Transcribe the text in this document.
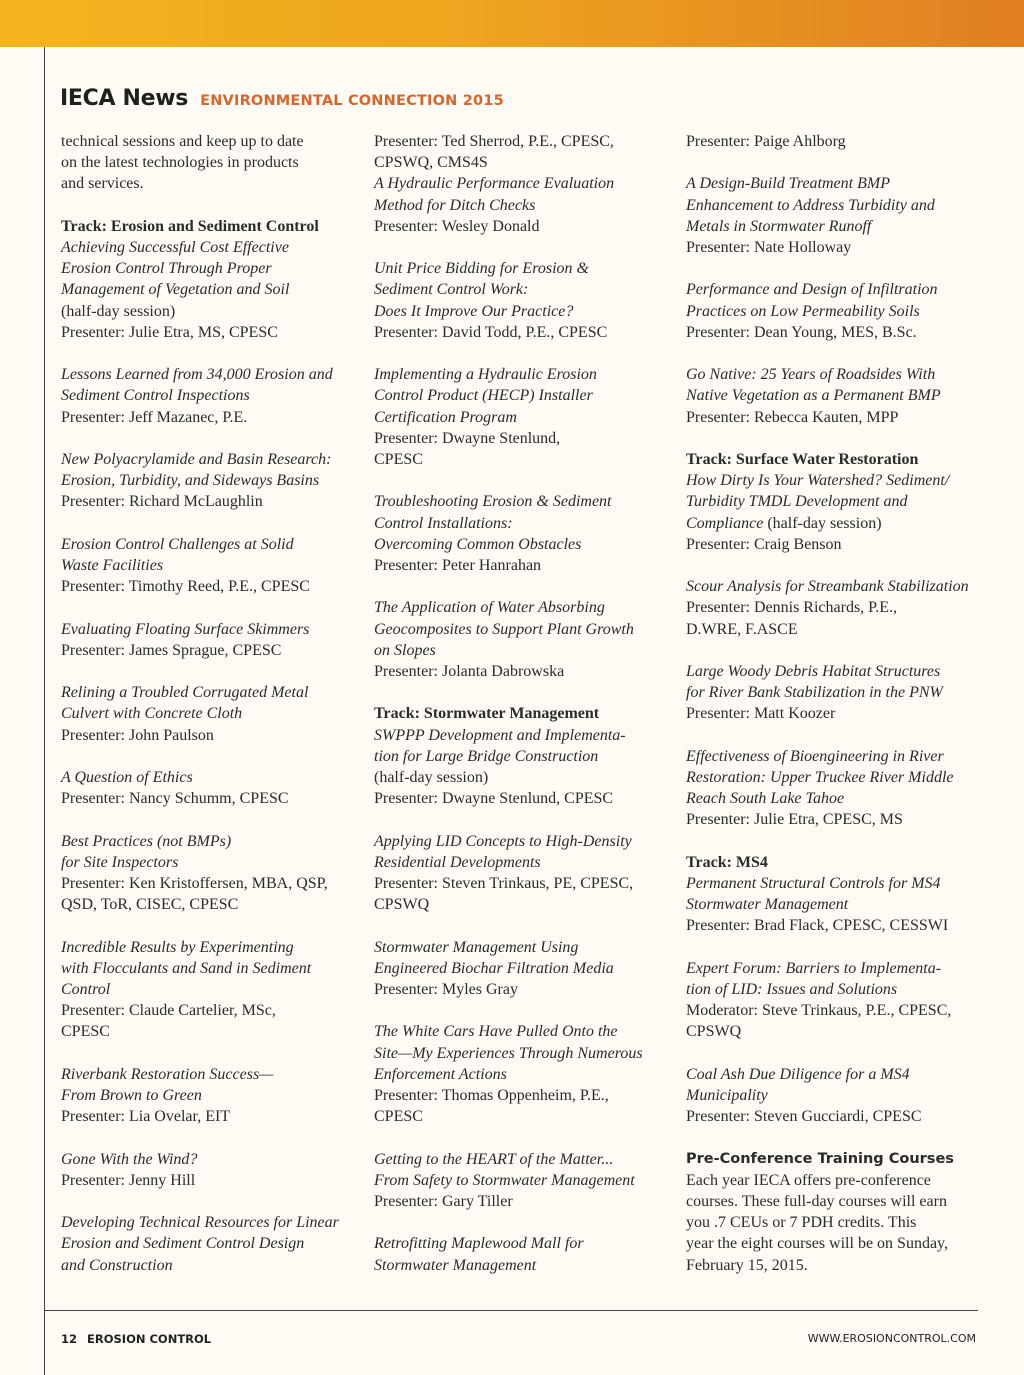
IECA News ENVIRONMENTAL CONNECTION 2015
technical sessions and keep up to date
on the latest technologies in products
and services.
Track: Erosion and Sediment Control
Achieving Successful Cost Effective
Erosion Control Through Proper
Management of Vegetation and Soil
(half-day session)
Presenter: Julie Etra, MS, CPESC
Lessons Learned from 34,000 Erosion and
Sediment Control Inspections
Presenter: Jeff Mazanec, P.E.
New Polyacrylamide and Basin Research:
Erosion, Turbidity, and Sideways Basins
Presenter: Richard McLaughlin
Erosion Control Challenges at Solid
Waste Facilities
Presenter: Timothy Reed, P.E., CPESC
Evaluating Floating Surface Skimmers
Presenter: James Sprague, CPESC
Relining a Troubled Corrugated Metal
Culvert with Concrete Cloth
Presenter: John Paulson
A Question of Ethics
Presenter: Nancy Schumm, CPESC
Best Practices (not BMPs)
for Site Inspectors
Presenter: Ken Kristoffersen, MBA, QSP,
QSD, ToR, CISEC, CPESC
Incredible Results by Experimenting
with Flocculants and Sand in Sediment
Control
Presenter: Claude Cartelier, MSc,
CPESC
Riverbank Restoration Success—
From Brown to Green
Presenter: Lia Ovelar, EIT
Gone With the Wind?
Presenter: Jenny Hill
Developing Technical Resources for Linear
Erosion and Sediment Control Design
and Construction
Presenter: Ted Sherrod, P.E., CPESC,
CPSWQ, CMS4S
A Hydraulic Performance Evaluation
Method for Ditch Checks
Presenter: Wesley Donald
Unit Price Bidding for Erosion &
Sediment Control Work:
Does It Improve Our Practice?
Presenter: David Todd, P.E., CPESC
Implementing a Hydraulic Erosion
Control Product (HECP) Installer
Certification Program
Presenter: Dwayne Stenlund,
CPESC
Troubleshooting Erosion & Sediment
Control Installations:
Overcoming Common Obstacles
Presenter: Peter Hanrahan
The Application of Water Absorbing
Geocomposites to Support Plant Growth
on Slopes
Presenter: Jolanta Dabrowska
Track: Stormwater Management
SWPPP Development and Implementa-
tion for Large Bridge Construction
(half-day session)
Presenter: Dwayne Stenlund, CPESC
Applying LID Concepts to High-Density
Residential Developments
Presenter: Steven Trinkaus, PE, CPESC,
CPSWQ
Stormwater Management Using
Engineered Biochar Filtration Media
Presenter: Myles Gray
The White Cars Have Pulled Onto the
Site—My Experiences Through Numerous
Enforcement Actions
Presenter: Thomas Oppenheim, P.E.,
CPESC
Getting to the HEART of the Matter...
From Safety to Stormwater Management
Presenter: Gary Tiller
Retrofitting Maplewood Mall for
Stormwater Management
Presenter: Paige Ahlborg
A Design-Build Treatment BMP
Enhancement to Address Turbidity and
Metals in Stormwater Runoff
Presenter: Nate Holloway
Performance and Design of Infiltration
Practices on Low Permeability Soils
Presenter: Dean Young, MES, B.Sc.
Go Native: 25 Years of Roadsides With
Native Vegetation as a Permanent BMP
Presenter: Rebecca Kauten, MPP
Track: Surface Water Restoration
How Dirty Is Your Watershed? Sediment/
Turbidity TMDL Development and
Compliance (half-day session)
Presenter: Craig Benson
Scour Analysis for Streambank Stabilization
Presenter: Dennis Richards, P.E.,
D.WRE, F.ASCE
Large Woody Debris Habitat Structures
for River Bank Stabilization in the PNW
Presenter: Matt Koozer
Effectiveness of Bioengineering in River
Restoration: Upper Truckee River Middle
Reach South Lake Tahoe
Presenter: Julie Etra, CPESC, MS
Track: MS4
Permanent Structural Controls for MS4
Stormwater Management
Presenter: Brad Flack, CPESC, CESSWI
Expert Forum: Barriers to Implementa-
tion of LID: Issues and Solutions
Moderator: Steve Trinkaus, P.E., CPESC,
CPSWQ
Coal Ash Due Diligence for a MS4
Municipality
Presenter: Steven Gucciardi, CPESC
Pre-Conference Training Courses
Each year IECA offers pre-conference
courses. These full-day courses will earn
you .7 CEUs or 7 PDH credits. This
year the eight courses will be on Sunday,
February 15, 2015.
12 EROSION CONTROL	WWW.EROSIONCONTROL.COM
